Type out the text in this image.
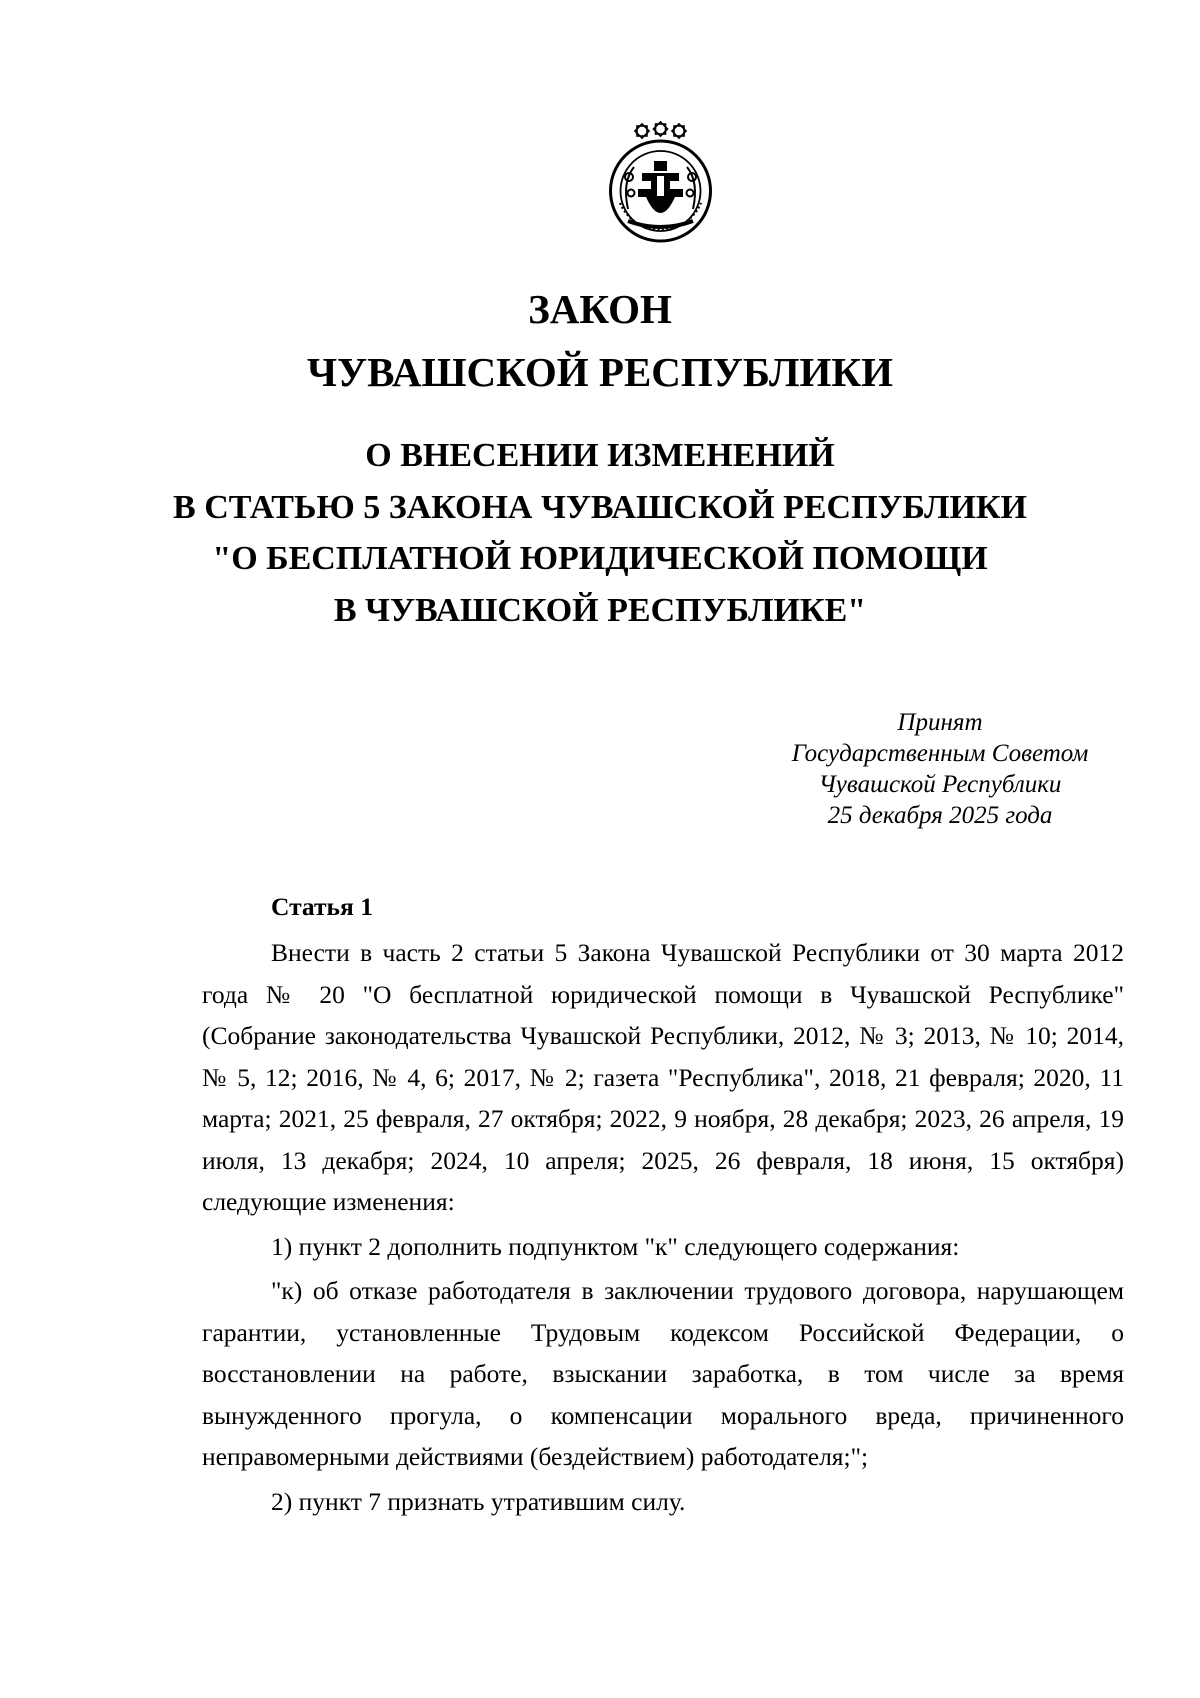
ЗАКОН
ЧУВАШСКОЙ РЕСПУБЛИКИ
О ВНЕСЕНИИ ИЗМЕНЕНИЙ
В СТАТЬЮ 5 ЗАКОНА ЧУВАШСКОЙ РЕСПУБЛИКИ
"О БЕСПЛАТНОЙ ЮРИДИЧЕСКОЙ ПОМОЩИ
В ЧУВАШСКОЙ РЕСПУБЛИКЕ"
Принят
Государственным Советом
Чувашской Республики
25 декабря 2025 года
Статья 1

Внести в часть 2 статьи 5 Закона Чувашской Республики от 30 марта 2012 года № 20 "О бесплатной юридической помощи в Чувашской Республике" (Собрание законодательства Чувашской Республики, 2012, № 3; 2013, № 10; 2014, № 5, 12; 2016, № 4, 6; 2017, № 2; газета "Республика", 2018, 21 февраля; 2020, 11 марта; 2021, 25 февраля, 27 октября; 2022, 9 ноября, 28 декабря; 2023, 26 апреля, 19 июля, 13 декабря; 2024, 10 апреля; 2025, 26 февраля, 18 июня, 15 октября) следующие изменения:

1) пункт 2 дополнить подпунктом "к" следующего содержания:

"к) об отказе работодателя в заключении трудового договора, нарушающем гарантии, установленные Трудовым кодексом Российской Федерации, о восстановлении на работе, взыскании заработка, в том числе за время вынужденного прогула, о компенсации морального вреда, причиненного неправомерными действиями (бездействием) работодателя;";

2) пункт 7 признать утратившим силу.
